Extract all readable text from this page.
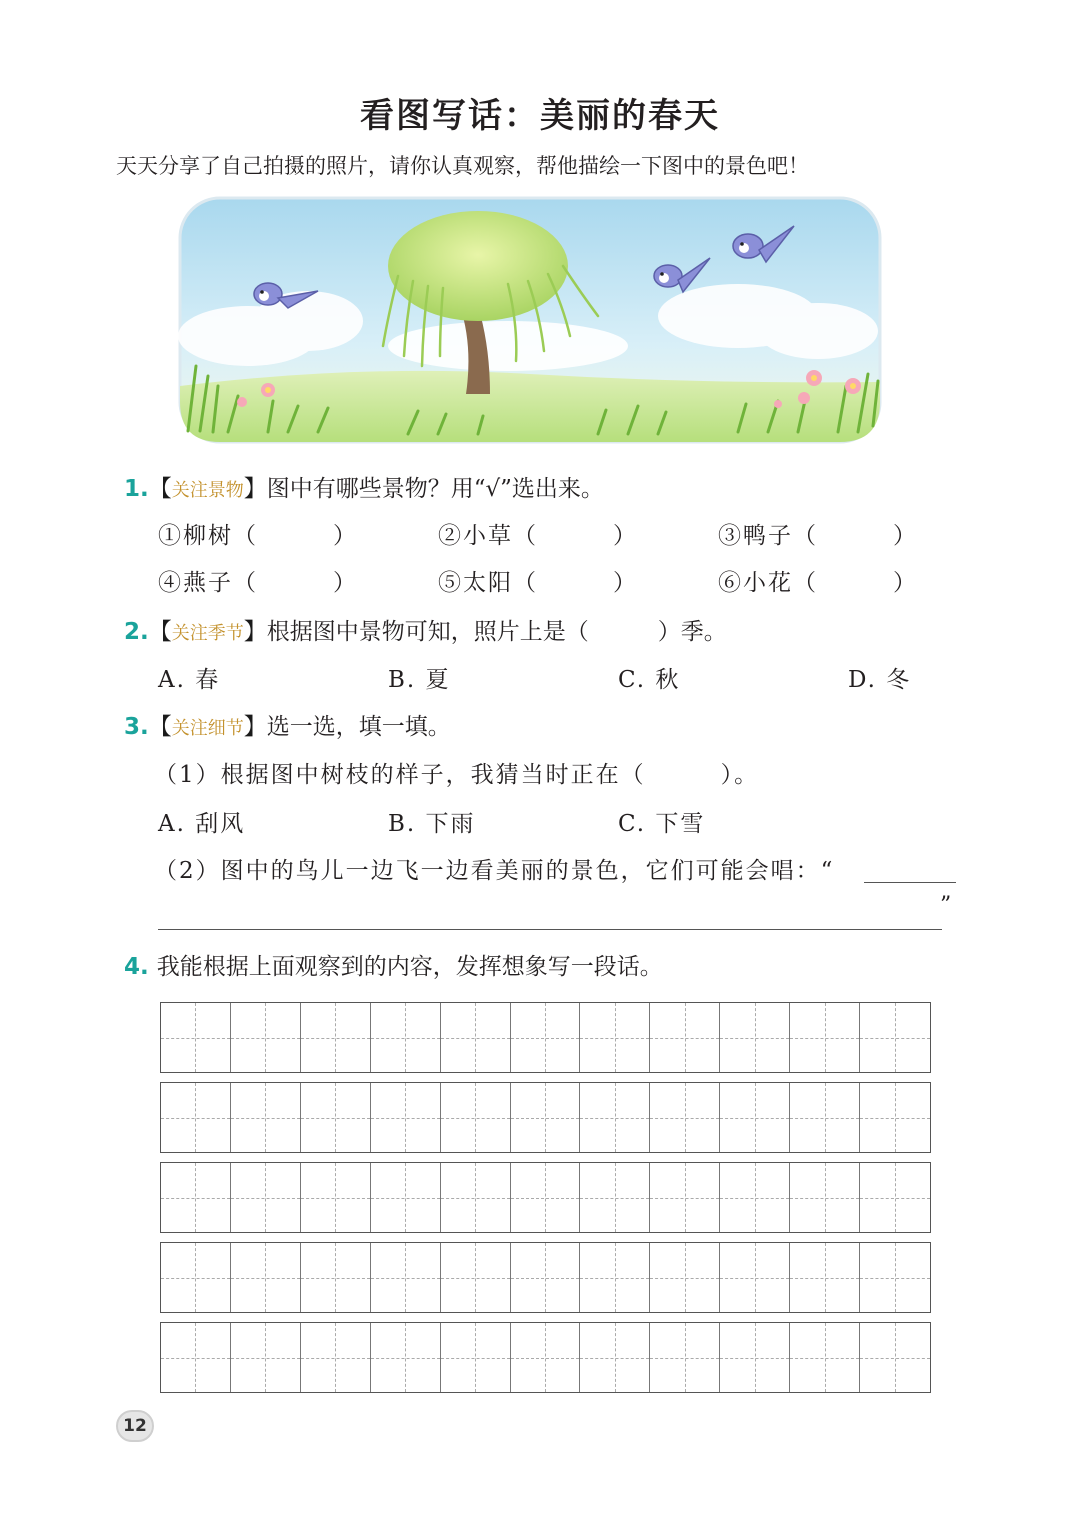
看图写话：美丽的春天
天天分享了自己拍摄的照片，请你认真观察，帮他描绘一下图中的景色吧！
1.【关注景物】图中有哪些景物？用“√”选出来。
①柳树（　　　）	②小草（　　　）	③鸭子（　　　）
④燕子（　　　）	⑤太阳（　　　）	⑥小花（　　　）
2.【关注季节】根据图中景物可知，照片上是（　　　）季。
A. 春	B. 夏	C. 秋	D. 冬
3.【关注细节】选一选，填一填。
（1）根据图中树枝的样子，我猜当时正在（　　　）。
A. 刮风	B. 下雨	C. 下雪
（2）图中的鸟儿一边飞一边看美丽的景色，它们可能会唱：“
”
4. 我能根据上面观察到的内容，发挥想象写一段话。
12
